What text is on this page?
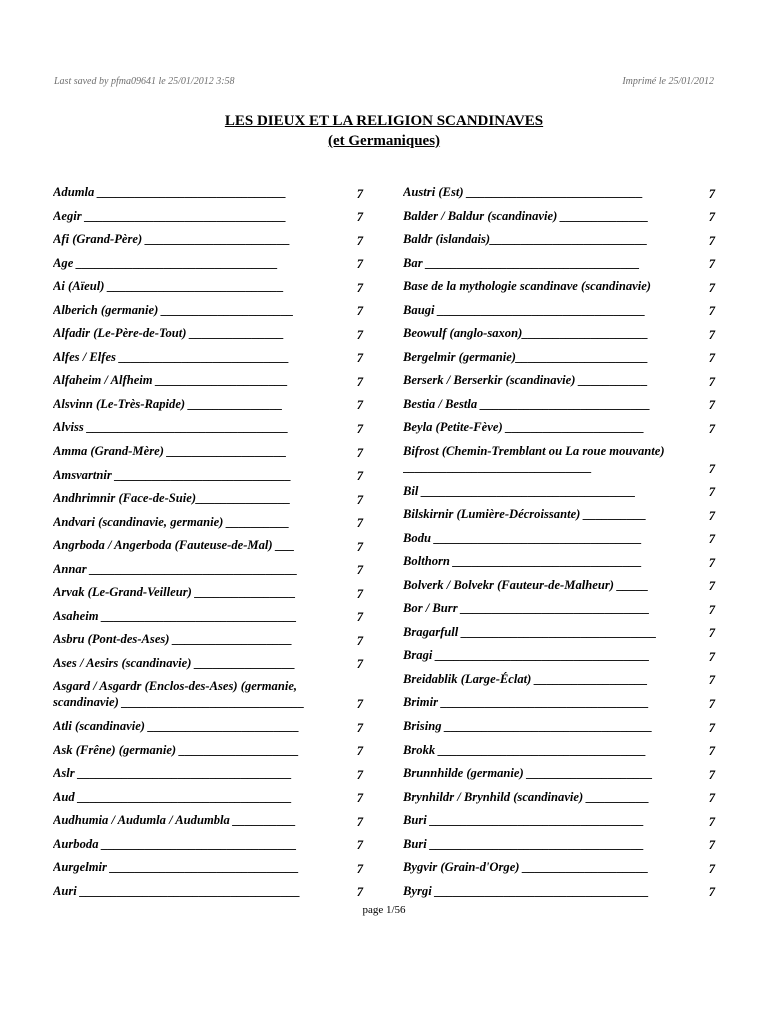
Last saved by pfma09641 le 25/01/2012 3:58	Imprimé le 25/01/2012
LES DIEUX ET LA RELIGION SCANDINAVES
(et Germaniques)
Adumla ______________________________	7
Aegir ________________________________	7
Afi (Grand-Père) _______________________	7
Age ________________________________	7
Ai (Aïeul) ____________________________	7
Alberich (germanie) _____________________	7
Alfadir (Le-Père-de-Tout) _______________	7
Alfes / Elfes ___________________________	7
Alfaheim / Alfheim _____________________	7
Alsvinn (Le-Très-Rapide) _______________	7
Alviss ________________________________	7
Amma (Grand-Mère) ___________________	7
Amsvartnir ____________________________	7
Andhrimnir (Face-de-Suie)_______________	7
Andvari (scandinavie, germanie) __________	7
Angrboda / Angerboda (Fauteuse-de-Mal) ___	7
Annar _________________________________	7
Arvak (Le-Grand-Veilleur) ________________	7
Asaheim _______________________________	7
Asbru (Pont-des-Ases) ___________________	7
Ases / Aesirs (scandinavie) ________________	7
Asgard / Asgardr (Enclos-des-Ases) (germanie, scandinavie) _____________________________	7
Atli (scandinavie) ________________________	7
Ask (Frêne) (germanie) ___________________	7
Aslr __________________________________	7
Aud __________________________________	7
Audhumia / Audumla / Audumbla __________	7
Aurboda _______________________________	7
Aurgelmir ______________________________	7
Auri ___________________________________	7
Austri (Est) ____________________________	7
Balder / Baldur (scandinavie) ______________	7
Baldr (islandais)_________________________	7
Bar __________________________________	7
Base de la mythologie scandinave (scandinavie)	7
Baugi _________________________________	7
Beowulf (anglo-saxon)____________________	7
Bergelmir (germanie)_____________________	7
Berserk / Berserkir (scandinavie) ___________	7
Bestia / Bestla ___________________________	7
Beyla (Petite-Fève) ______________________	7
Bifrost (Chemin-Tremblant ou La roue mouvante) ______________________________	7
Bil __________________________________	7
Bilskirnir (Lumière-Décroissante) __________	7
Bodu _________________________________	7
Bolthorn ______________________________	7
Bolverk / Bolvekr (Fauteur-de-Malheur) _____	7
Bor / Burr ______________________________	7
Bragarfull _______________________________	7
Bragi __________________________________	7
Breidablik (Large-Éclat) __________________	7
Brimir _________________________________	7
Brising _________________________________	7
Brokk _________________________________	7
Brunnhilde (germanie) ____________________	7
Brynhildr / Brynhild (scandinavie) __________	7
Buri __________________________________	7
Buri __________________________________	7
Bygvir (Grain-d'Orge) ____________________	7
Byrgi __________________________________	7
page 1/56
